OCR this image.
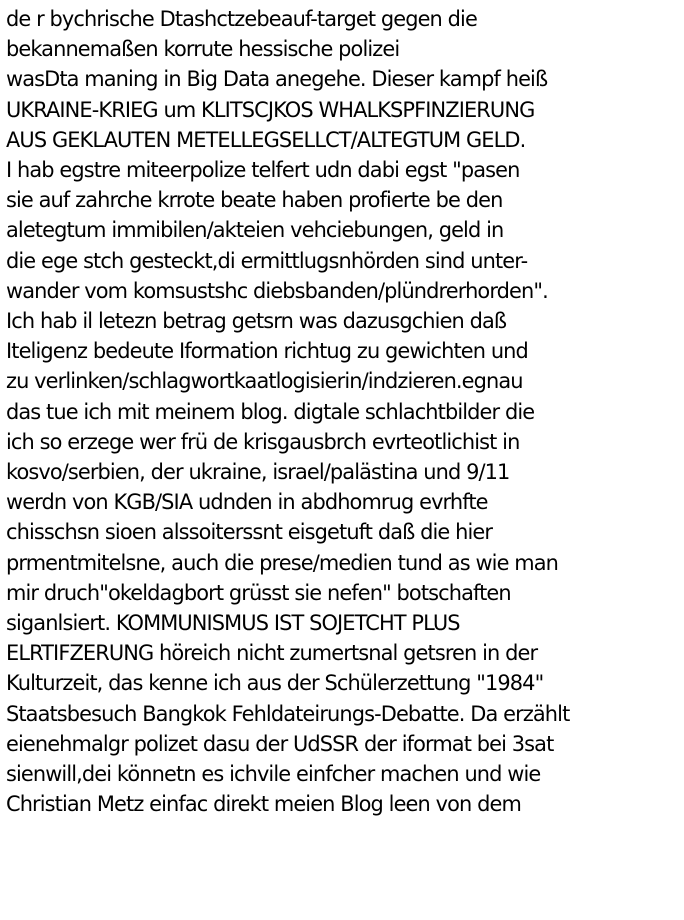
de r bychrische Dtashctzebeauf-target gegen die
bekannemaßen korrute hessische polizei
wasDta maning in Big Data anegehe. Dieser kampf heiß
UKRAINE-KRIEG um KLITSCJKOS WHALKSPFINZIERUNG
AUS GEKLAUTEN METELLEGSELLCT/ALTEGTUM GELD.
I hab egstre miteerpolize telfert udn dabi egst "pasen
sie auf zahrche krrote beate haben profierte be den
aletegtum immibilen/akteien vehciebungen, geld in
die ege stch gesteckt,di ermittlugsnhörden sind unter-
wander vom komsustshc diebsbanden/plündrerhorden".
Ich hab il letezn betrag getsrn was dazusgchien daß
Iteligenz bedeute Iformation richtug zu gewichten und
zu verlinken/schlagwortkaatlogisierin/indzieren.egnau
das tue ich mit meinem blog. digtale schlachtbilder die
ich so erzege wer frü de krisgausbrch evrteotlichist in
kosvo/serbien, der ukraine, israel/palästina und 9/11
werdn von KGB/SIA udnden in abdhomrug evrhfte
chisschsn sioen alssoiterssnt eisgetuft daß die hier
prmentmitelsne, auch die prese/medien tund as wie man
mir druch"okeldagbort grüsst sie nefen" botschaften
siganlsiert. KOMMUNISMUS IST SOJETCHT PLUS
ELRTIFZERUNG höreich nicht zumertsnal getsren in der
Kulturzeit, das kenne ich aus der Schülerzettung "1984"
Staatsbesuch Bangkok Fehldateirungs-Debatte. Da erzählt
eienehmalgr polizet dasu der UdSSR der iformat bei 3sat
sienwill,dei könnetn es ichvile einfcher machen und wie
Christian Metz einfac direkt meien Blog leen von dem
